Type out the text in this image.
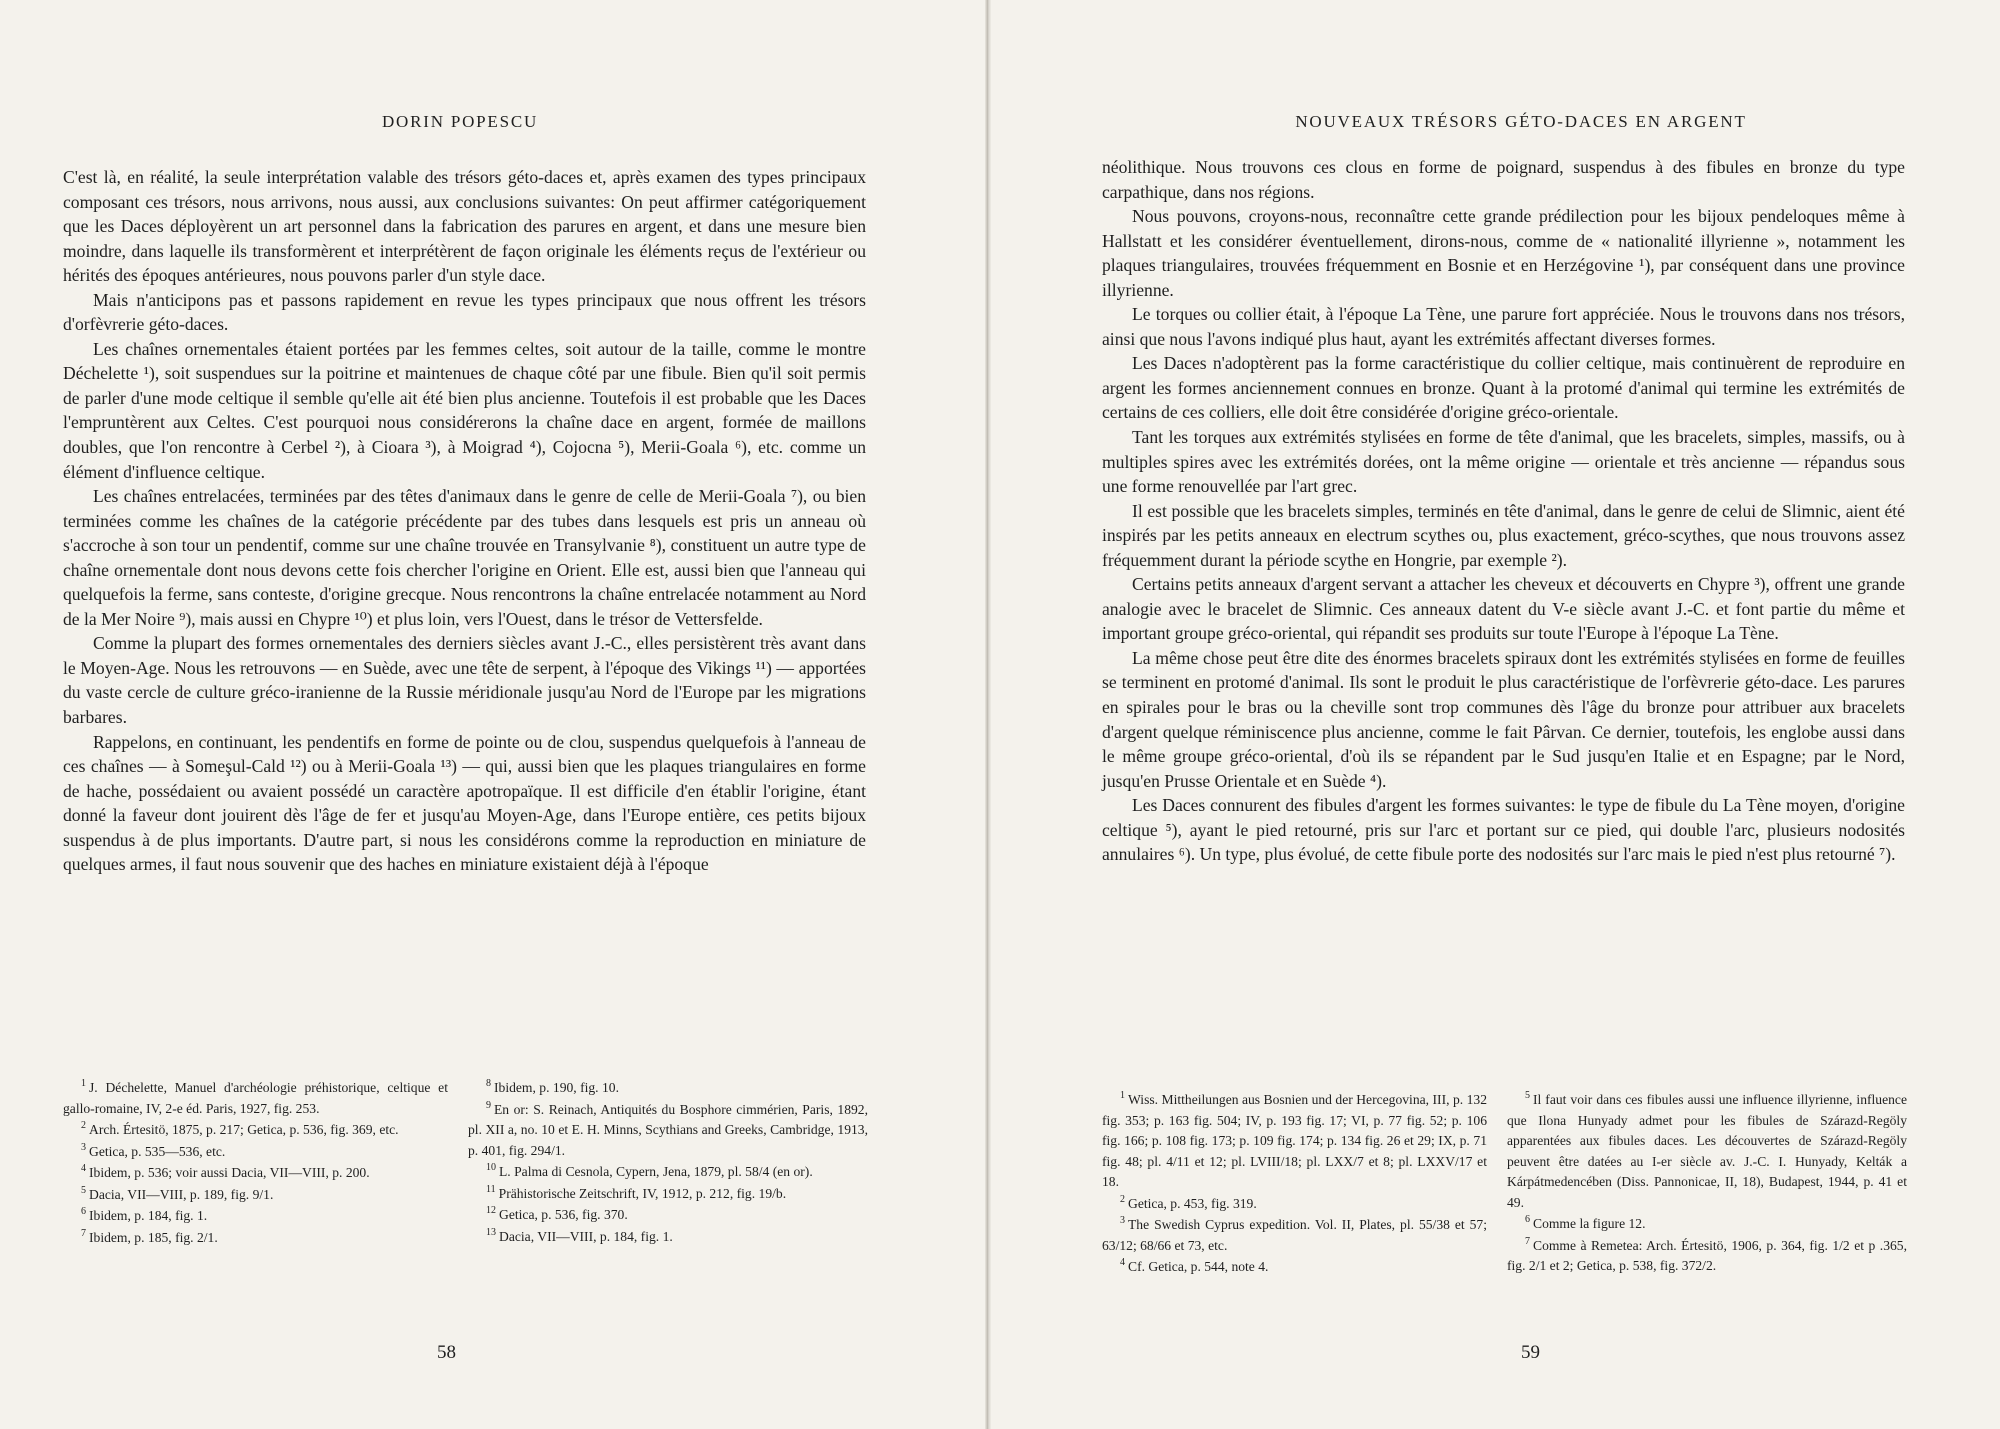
DORIN POPESCU

C'est là, en réalité, la seule interprétation valable des trésors géto-daces et, après examen des types principaux composant ces trésors, nous arrivons, nous aussi, aux conclusions suivantes: On peut affirmer catégoriquement que les Daces déployèrent un art personnel dans la fabrication des parures en argent, et dans une mesure bien moindre, dans laquelle ils transformèrent et interprétèrent de façon originale les éléments reçus de l'extérieur ou hérités des époques antérieures, nous pouvons parler d'un style dace.

Mais n'anticipons pas et passons rapidement en revue les types principaux que nous offrent les trésors d'orfèvrerie géto-daces.

Les chaînes ornementales étaient portées par les femmes celtes, soit autour de la taille, comme le montre Déchelette ¹), soit suspendues sur la poitrine et maintenues de chaque côté par une fibule. Bien qu'il soit permis de parler d'une mode celtique il semble qu'elle ait été bien plus ancienne. Toutefois il est probable que les Daces l'empruntèrent aux Celtes. C'est pourquoi nous considérerons la chaîne dace en argent, formée de maillons doubles, que l'on rencontre à Cerbel ²), à Cioara ³), à Moigrad ⁴), Cojocna ⁵), Merii-Goala ⁶), etc. comme un élément d'influence celtique.

Les chaînes entrelacées, terminées par des têtes d'animaux dans le genre de celle de Merii-Goala ⁷), ou bien terminées comme les chaînes de la catégorie précédente par des tubes dans lesquels est pris un anneau où s'accroche à son tour un pendentif, comme sur une chaîne trouvée en Transylvanie ⁸), constituent un autre type de chaîne ornementale dont nous devons cette fois chercher l'origine en Orient. Elle est, aussi bien que l'anneau qui quelquefois la ferme, sans conteste, d'origine grecque. Nous rencontrons la chaîne entrelacée notamment au Nord de la Mer Noire ⁹), mais aussi en Chypre ¹⁰) et plus loin, vers l'Ouest, dans le trésor de Vettersfelde.

Comme la plupart des formes ornementales des derniers siècles avant J.-C., elles persistèrent très avant dans le Moyen-Age. Nous les retrouvons — en Suède, avec une tête de serpent, à l'époque des Vikings ¹¹) — apportées du vaste cercle de culture gréco-iranienne de la Russie méridionale jusqu'au Nord de l'Europe par les migrations barbares.

Rappelons, en continuant, les pendentifs en forme de pointe ou de clou, suspendus quelquefois à l'anneau de ces chaînes — à Someşul-Cald ¹²) ou à Merii-Goala ¹³) — qui, aussi bien que les plaques triangulaires en forme de hache, possédaient ou avaient possédé un caractère apotropaïque. Il est difficile d'en établir l'origine, étant donné la faveur dont jouirent dès l'âge de fer et jusqu'au Moyen-Age, dans l'Europe entière, ces petits bijoux suspendus à de plus importants. D'autre part, si nous les considérons comme la reproduction en miniature de quelques armes, il faut nous souvenir que des haches en miniature existaient déjà à l'époque

$^1$ J. Déchelette, Manuel d'archéologie préhistorique, celtique et gallo-romaine, IV, 2-e éd. Paris, 1927, fig. 253.

$^2$ Arch. Értesitö, 1875, p. 217; Getica, p. 536, fig. 369, etc.

$^3$ Getica, p. 535—536, etc.

$^4$ Ibidem, p. 536; voir aussi Dacia, VII—VIII, p. 200.

$^5$ Dacia, VII—VIII, p. 189, fig. 9/1.

$^6$ Ibidem, p. 184, fig. 1.

$^7$ Ibidem, p. 185, fig. 2/1.

$^8$ Ibidem, p. 190, fig. 10.

$^9$ En or: S. Reinach, Antiquités du Bosphore cimmérien, Paris, 1892, pl. XII a, no. 10 et E. H. Minns, Scythians and Greeks, Cambridge, 1913, p. 401, fig. 294/1.

$^{10}$ L. Palma di Cesnola, Cypern, Jena, 1879, pl. 58/4 (en or).

$^{11}$ Prähistorische Zeitschrift, IV, 1912, p. 212, fig. 19/b.

$^{12}$ Getica, p. 536, fig. 370.

$^{13}$ Dacia, VII—VIII, p. 184, fig. 1.

58
NOUVEAUX TRÉSORS GÉTO-DACES EN ARGENT

néolithique. Nous trouvons ces clous en forme de poignard, suspendus à des fibules en bronze du type carpathique, dans nos régions.

Nous pouvons, croyons-nous, reconnaître cette grande prédilection pour les bijoux pendeloques même à Hallstatt et les considérer éventuellement, dirons-nous, comme de « nationalité illyrienne », notamment les plaques triangulaires, trouvées fréquemment en Bosnie et en Herzégovine ¹), par conséquent dans une province illyrienne.

Le torques ou collier était, à l'époque La Tène, une parure fort appréciée. Nous le trouvons dans nos trésors, ainsi que nous l'avons indiqué plus haut, ayant les extrémités affectant diverses formes.

Les Daces n'adoptèrent pas la forme caractéristique du collier celtique, mais continuèrent de reproduire en argent les formes anciennement connues en bronze. Quant à la protomé d'animal qui termine les extrémités de certains de ces colliers, elle doit être considérée d'origine gréco-orientale.

Tant les torques aux extrémités stylisées en forme de tête d'animal, que les bracelets, simples, massifs, ou à multiples spires avec les extrémités dorées, ont la même origine — orientale et très ancienne — répandus sous une forme renouvellée par l'art grec.

Il est possible que les bracelets simples, terminés en tête d'animal, dans le genre de celui de Slimnic, aient été inspirés par les petits anneaux en electrum scythes ou, plus exactement, gréco-scythes, que nous trouvons assez fréquemment durant la période scythe en Hongrie, par exemple ²).

Certains petits anneaux d'argent servant a attacher les cheveux et découverts en Chypre ³), offrent une grande analogie avec le bracelet de Slimnic. Ces anneaux datent du V-e siècle avant J.-C. et font partie du même et important groupe gréco-oriental, qui répandit ses produits sur toute l'Europe à l'époque La Tène.

La même chose peut être dite des énormes bracelets spiraux dont les extrémités stylisées en forme de feuilles se terminent en protomé d'animal. Ils sont le produit le plus caractéristique de l'orfèvrerie géto-dace. Les parures en spirales pour le bras ou la cheville sont trop communes dès l'âge du bronze pour attribuer aux bracelets d'argent quelque réminiscence plus ancienne, comme le fait Pârvan. Ce dernier, toutefois, les englobe aussi dans le même groupe gréco-oriental, d'où ils se répandent par le Sud jusqu'en Italie et en Espagne; par le Nord, jusqu'en Prusse Orientale et en Suède ⁴).

Les Daces connurent des fibules d'argent les formes suivantes: le type de fibule du La Tène moyen, d'origine celtique ⁵), ayant le pied retourné, pris sur l'arc et portant sur ce pied, qui double l'arc, plusieurs nodosités annulaires ⁶). Un type, plus évolué, de cette fibule porte des nodosités sur l'arc mais le pied n'est plus retourné ⁷).

$^1$ Wiss. Mittheilungen aus Bosnien und der Hercegovina, III, p. 132 fig. 353; p. 163 fig. 504; IV, p. 193 fig. 17; VI, p. 77 fig. 52; p. 106 fig. 166; p. 108 fig. 173; p. 109 fig. 174; p. 134 fig. 26 et 29; IX, p. 71 fig. 48; pl. 4/11 et 12; pl. LVIII/18; pl. LXX/7 et 8; pl. LXXV/17 et 18.

$^2$ Getica, p. 453, fig. 319.

$^3$ The Swedish Cyprus expedition. Vol. II, Plates, pl. 55/38 et 57; 63/12; 68/66 et 73, etc.

$^4$ Cf. Getica, p. 544, note 4.

$^5$ Il faut voir dans ces fibules aussi une influence illyrienne, influence que Ilona Hunyady admet pour les fibules de Szárazd-Regöly apparentées aux fibules daces. Les découvertes de Szárazd-Regöly peuvent être datées au I-er siècle av. J.-C. I. Hunyady, Kelták a Kárpátmedencében (Diss. Pannonicae, II, 18), Budapest, 1944, p. 41 et 49.

$^6$ Comme la figure 12.

$^7$ Comme à Remetea: Arch. Értesitö, 1906, p. 364, fig. 1/2 et p .365, fig. 2/1 et 2; Getica, p. 538, fig. 372/2.

59
